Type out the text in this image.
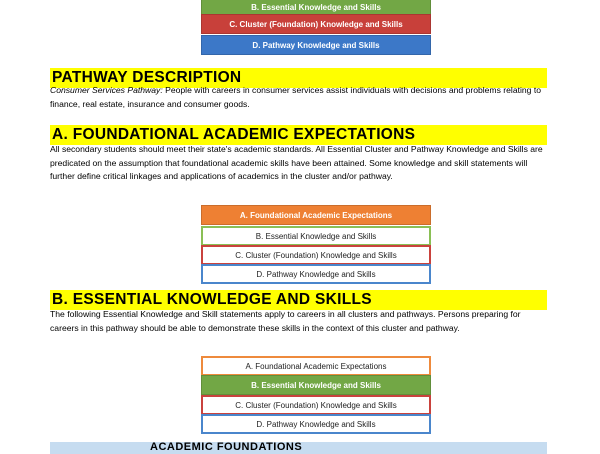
B. Essential Knowledge and Skills
C. Cluster (Foundation) Knowledge and Skills
D. Pathway Knowledge and Skills
PATHWAY DESCRIPTION
Consumer Services Pathway: People with careers in consumer services assist individuals with decisions and problems relating to finance, real estate, insurance and consumer goods.
A. FOUNDATIONAL ACADEMIC EXPECTATIONS
All secondary students should meet their state's academic standards. All Essential Cluster and Pathway Knowledge and Skills are predicated on the assumption that foundational academic skills have been attained. Some knowledge and skill statements will further define critical linkages and applications of academics in the cluster and/or pathway.
A. Foundational Academic Expectations
B. Essential Knowledge and Skills
C. Cluster (Foundation) Knowledge and Skills
D. Pathway Knowledge and Skills
B. ESSENTIAL KNOWLEDGE AND SKILLS
The following Essential Knowledge and Skill statements apply to careers in all clusters and pathways. Persons preparing for careers in this pathway should be able to demonstrate these skills in the context of this cluster and pathway.
A. Foundational Academic Expectations
B. Essential Knowledge and Skills
C. Cluster (Foundation) Knowledge and Skills
D. Pathway Knowledge and Skills
ACADEMIC FOUNDATIONS
